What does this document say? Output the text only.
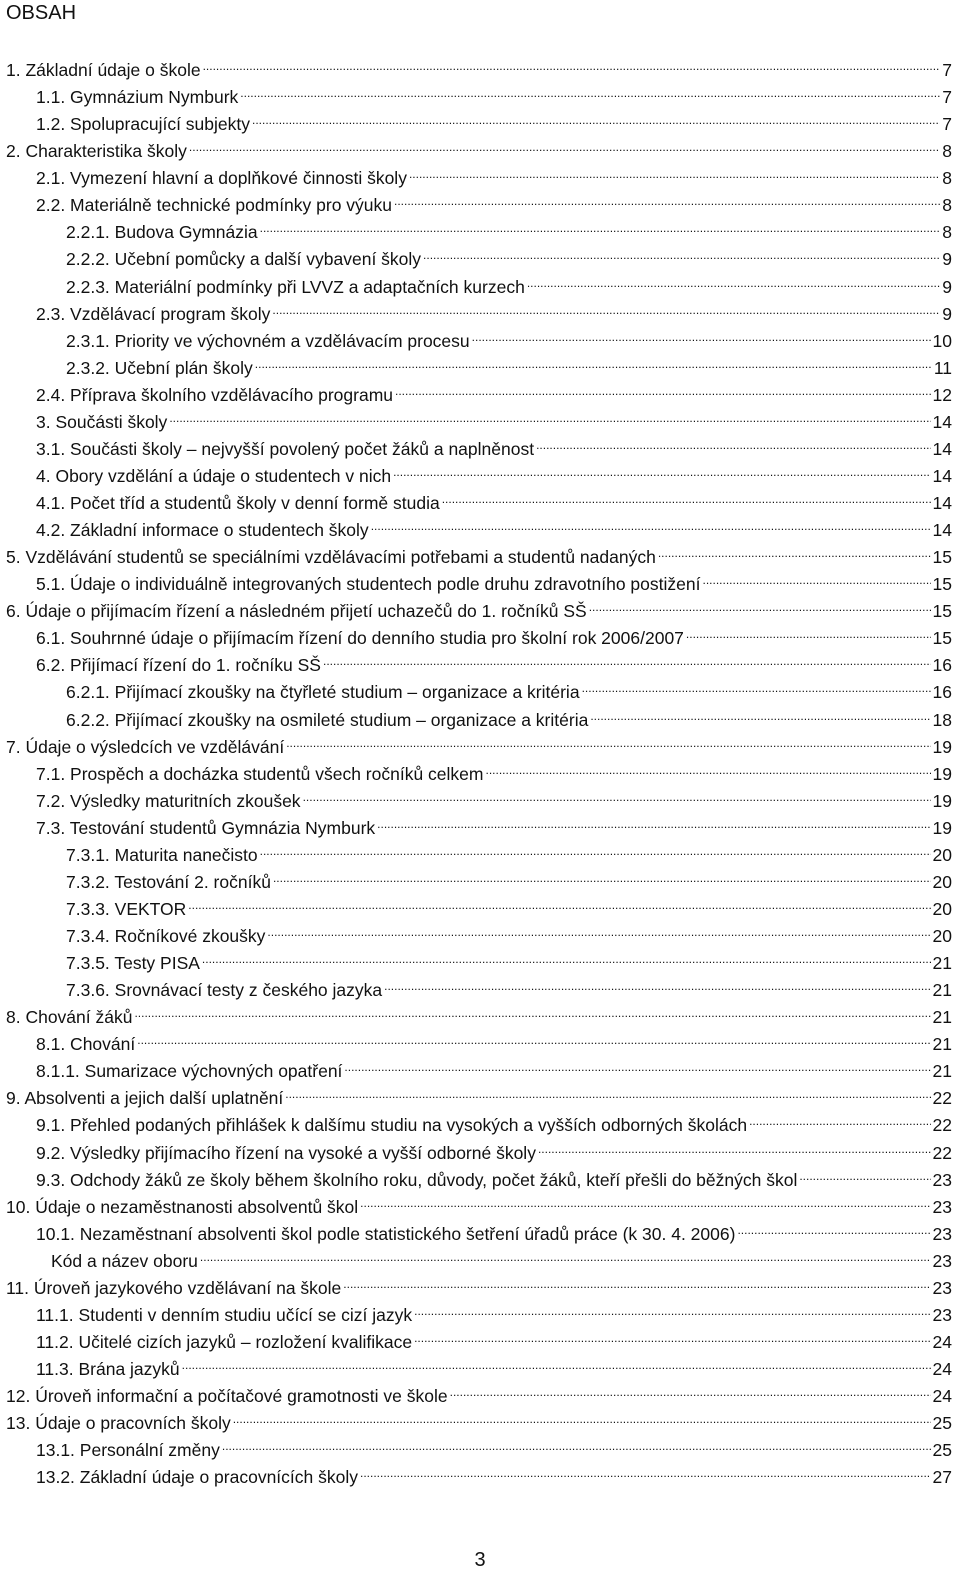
OBSAH
1. Základní údaje o škole .....	7
1.1. Gymnázium Nymburk .....	7
1.2. Spolupracující subjekty .....	7
2. Charakteristika školy .....	8
2.1. Vymezení hlavní a doplňkové činnosti školy .....	8
2.2. Materiálně technické podmínky pro výuku .....	8
2.2.1. Budova Gymnázia .....	8
2.2.2. Učební pomůcky a další vybavení školy .....	9
2.2.3. Materiální podmínky při LVVZ a adaptačních kurzech .....	9
2.3. Vzdělávací program školy .....	9
2.3.1. Priority ve výchovném a vzdělávacím procesu .....	10
2.3.2. Učební plán školy .....	11
2.4. Příprava školního vzdělávacího programu .....	12
3. Součásti školy .....	14
3.1. Součásti školy – nejvyšší povolený počet žáků a naplněnost .....	14
4. Obory vzdělání a údaje o studentech v nich .....	14
4.1. Počet tříd a studentů školy v denní formě studia .....	14
4.2. Základní informace o studentech školy .....	14
5. Vzdělávání studentů se speciálními vzdělávacími potřebami a studentů nadaných .....	15
5.1. Údaje o individuálně integrovaných studentech podle druhu zdravotního postižení .....	15
6. Údaje o přijímacím řízení a následném přijetí uchazečů do 1. ročníků SŠ .....	15
6.1. Souhrnné údaje o přijímacím řízení do denního studia pro školní rok 2006/2007 .....	15
6.2. Přijímací řízení do 1. ročníku SŠ .....	16
6.2.1. Přijímací zkoušky na čtyřleté studium – organizace a kritéria .....	16
6.2.2. Přijímací zkoušky na osmileté studium – organizace a kritéria .....	18
7. Údaje o výsledcích ve vzdělávání .....	19
7.1. Prospěch a docházka studentů všech ročníků celkem .....	19
7.2. Výsledky maturitních zkoušek .....	19
7.3. Testování studentů Gymnázia Nymburk .....	19
7.3.1. Maturita nanečisto .....	20
7.3.2. Testování 2. ročníků .....	20
7.3.3. VEKTOR .....	20
7.3.4. Ročníkové zkoušky .....	20
7.3.5. Testy PISA .....	21
7.3.6. Srovnávací testy z českého jazyka .....	21
8. Chování žáků .....	21
8.1. Chování .....	21
8.1.1. Sumarizace výchovných opatření .....	21
9. Absolventi a jejich další uplatnění .....	22
9.1. Přehled podaných přihlášek k dalšímu studiu na vysokých a vyšších odborných školách .....	22
9.2. Výsledky přijímacího řízení na vysoké a vyšší odborné školy .....	22
9.3. Odchody žáků ze školy během školního roku, důvody, počet žáků, kteří přešli do běžných škol .....	23
10. Údaje o nezaměstnanosti absolventů škol .....	23
10.1. Nezaměstnaní absolventi škol podle statistického šetření úřadů práce (k 30. 4. 2006) .....	23
Kód a název oboru .....	23
11. Úroveň jazykového vzdělávaní na škole .....	23
11.1. Studenti v denním studiu učící se cizí jazyk .....	23
11.2. Učitelé cizích jazyků – rozložení kvalifikace .....	24
11.3. Brána jazyků .....	24
12. Úroveň informační a počítačové gramotnosti ve škole .....	24
13. Údaje o pracovních školy .....	25
13.1. Personální změny .....	25
13.2. Základní údaje o pracovnících školy .....	27
3
